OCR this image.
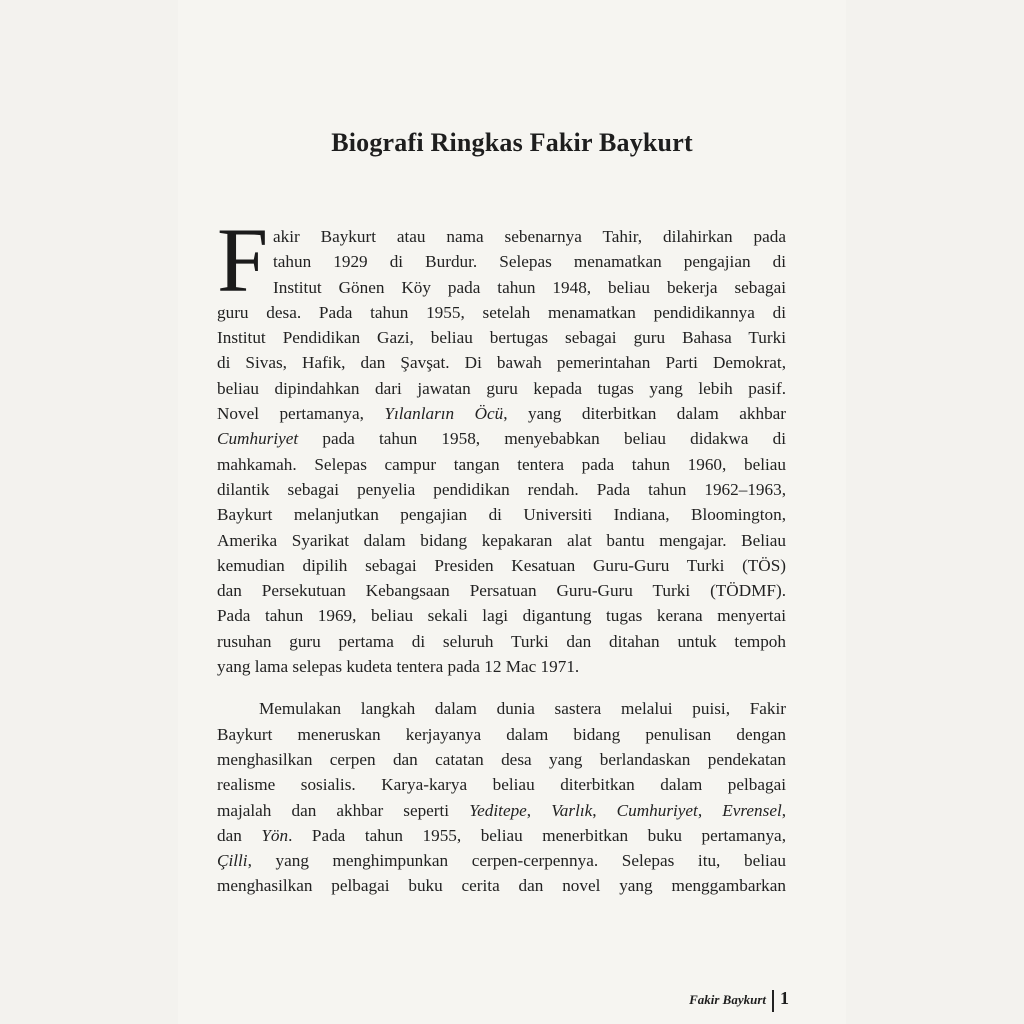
Biografi Ringkas Fakir Baykurt
F akir Baykurt atau nama sebenarnya Tahir, dilahirkan pada
tahun 1929 di Burdur. Selepas menamatkan pengajian di
Institut Gönen Köy pada tahun 1948, beliau bekerja sebagai
guru desa. Pada tahun 1955, setelah menamatkan pendidikannya di
Institut Pendidikan Gazi, beliau bertugas sebagai guru Bahasa Turki
di Sivas, Hafik, dan Şavşat. Di bawah pemerintahan Parti Demokrat,
beliau dipindahkan dari jawatan guru kepada tugas yang lebih pasif.
Novel pertamanya, Yılanların Öcü, yang diterbitkan dalam akhbar
Cumhuriyet pada tahun 1958, menyebabkan beliau didakwa di
mahkamah. Selepas campur tangan tentera pada tahun 1960, beliau
dilantik sebagai penyelia pendidikan rendah. Pada tahun 1962–1963,
Baykurt melanjutkan pengajian di Universiti Indiana, Bloomington,
Amerika Syarikat dalam bidang kepakaran alat bantu mengajar. Beliau
kemudian dipilih sebagai Presiden Kesatuan Guru-Guru Turki (TÖS)
dan Persekutuan Kebangsaan Persatuan Guru-Guru Turki (TÖDMF).
Pada tahun 1969, beliau sekali lagi digantung tugas kerana menyertai
rusuhan guru pertama di seluruh Turki dan ditahan untuk tempoh
yang lama selepas kudeta tentera pada 12 Mac 1971.
Memulakan langkah dalam dunia sastera melalui puisi, Fakir
Baykurt meneruskan kerjayanya dalam bidang penulisan dengan
menghasilkan cerpen dan catatan desa yang berlandaskan pendekatan
realisme sosialis. Karya-karya beliau diterbitkan dalam pelbagai
majalah dan akhbar seperti Yeditepe, Varlık, Cumhuriyet, Evrensel,
dan Yön. Pada tahun 1955, beliau menerbitkan buku pertamanya,
Çilli, yang menghimpunkan cerpen-cerpennya. Selepas itu, beliau
menghasilkan pelbagai buku cerita dan novel yang menggambarkan
Fakir Baykurt 1
